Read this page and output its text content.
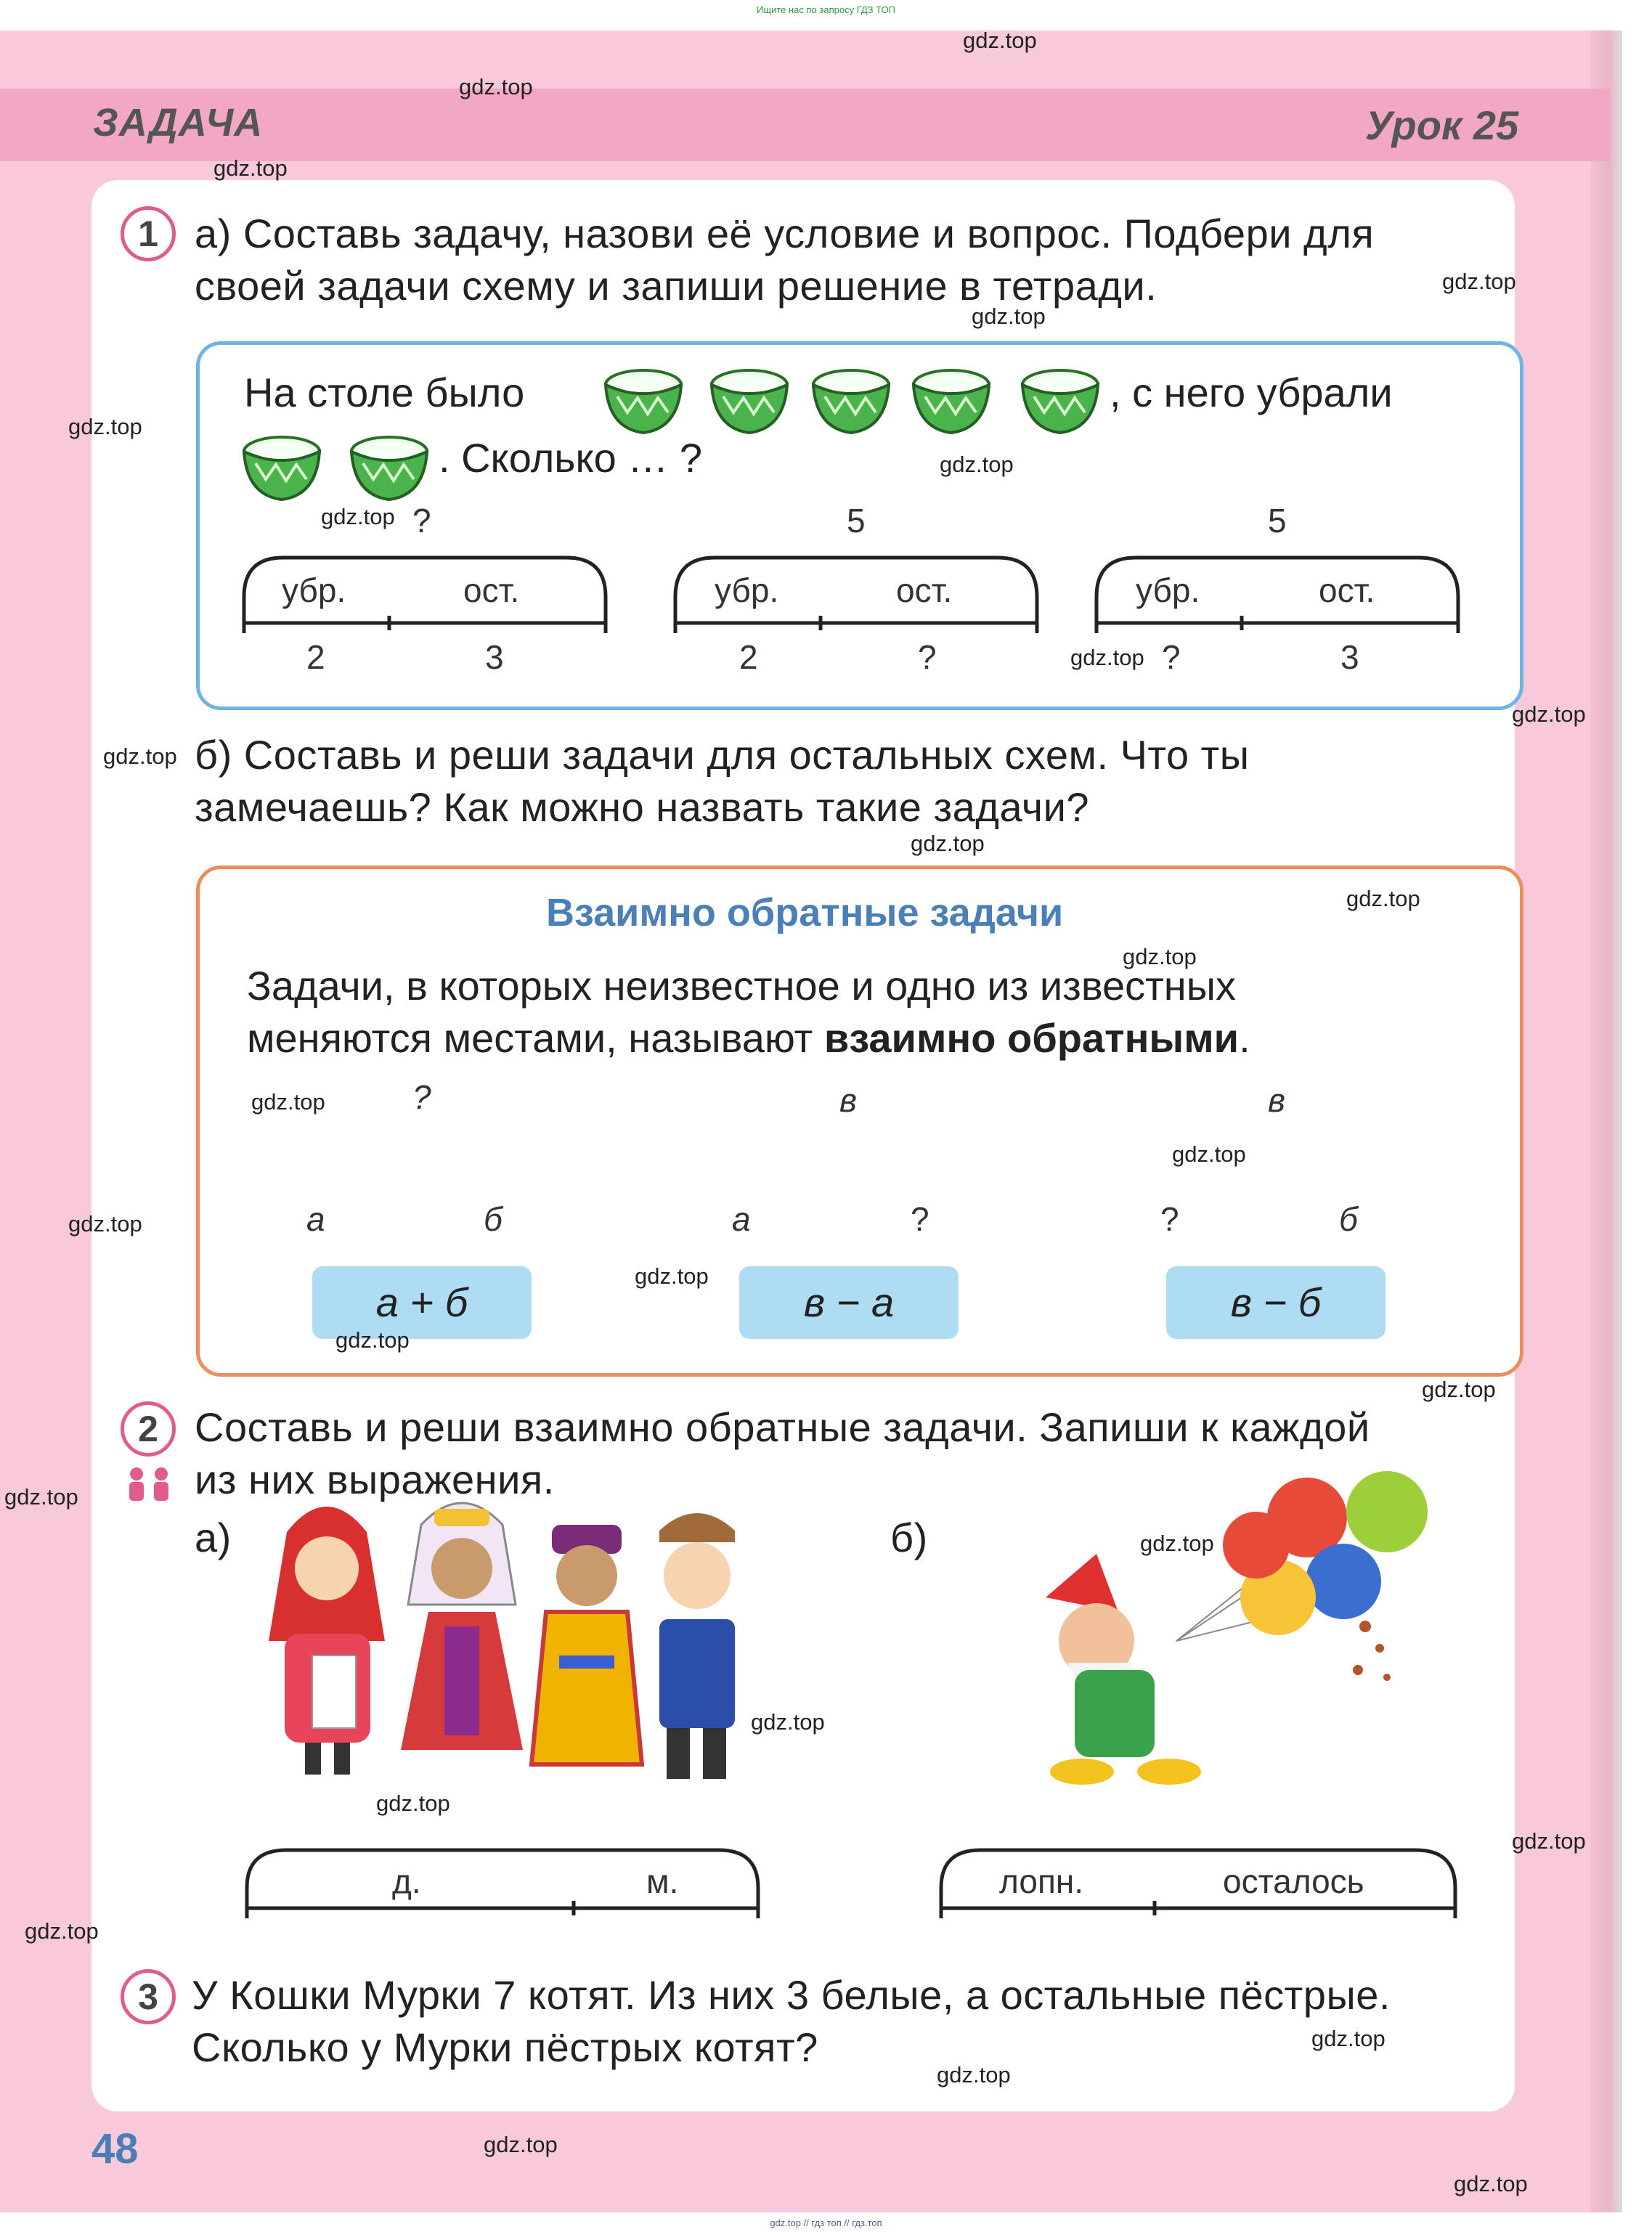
Ищите нас по запросу ГДЗ ТОП
ЗАДАЧА	Урок 25
1 а) Составь задачу, назови её условие и вопрос. Подбери для
своей задачи схему и запиши решение в тетради.
На столе было	, с него убрали
. Сколько … ?
?
убр.	ост.
2	3
5
убр.	ост.
2	?
5
убр.	ост.
?	3
б) Составь и реши задачи для остальных схем. Что ты
замечаешь? Как можно назвать такие задачи?
Взаимно обратные задачи
Задачи, в которых неизвестное и одно из известных
меняются местами, называют взаимно обратными.
?
а	б
а + б
в
а	?
в − а
в
?	б
в − б
2 Составь и реши взаимно обратные задачи. Запиши к каждой
из них выражения.
а)	б)
д.	м.	лопн.	осталось
3 У Кошки Мурки 7 котят. Из них 3 белые, а остальные пёстрые.
Сколько у Мурки пёстрых котят?
48
gdz.top
gdz.top
gdz.top
gdz.top
gdz.top
gdz.top
gdz.top
gdz.top
gdz.top
gdz.top
gdz.top
gdz.top
gdz.top
gdz.top
gdz.top
gdz.top
gdz.top
gdz.top
gdz.top
gdz.top
gdz.top
gdz.top
gdz.top
gdz.top
gdz.top
gdz.top
gdz.top
gdz.top
gdz.top
gdz.top
gdz.top // гдз топ // гдз.топ
